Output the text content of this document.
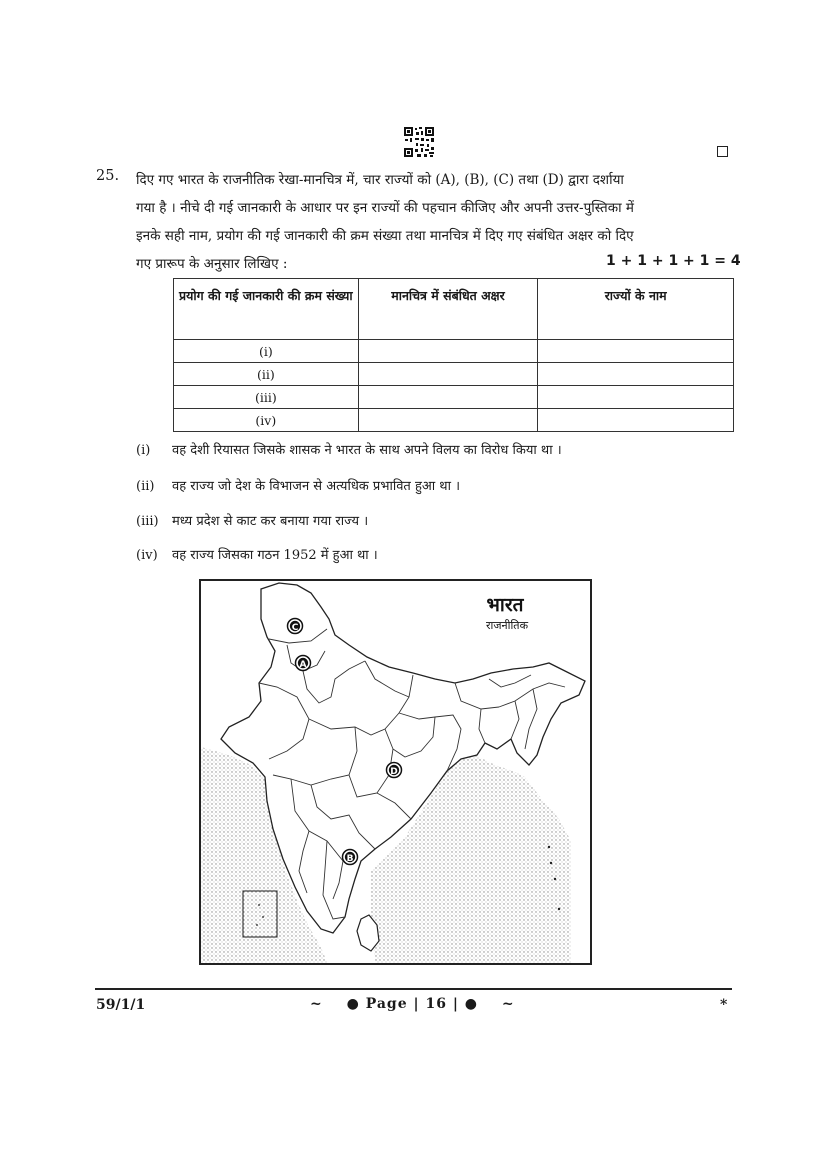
25. दिए गए भारत के राजनीतिक रेखा-मानचित्र में, चार राज्यों को (A), (B), (C) तथा (D) द्वारा दर्शाया
गया है । नीचे दी गई जानकारी के आधार पर इन राज्यों की पहचान कीजिए और अपनी उत्तर-पुस्तिका में
इनके सही नाम, प्रयोग की गई जानकारी की क्रम संख्या तथा मानचित्र में दिए गए संबंधित अक्षर को दिए
गए प्रारूप के अनुसार लिखिए :	1 + 1 + 1 + 1 = 4
प्रयोग की गई जानकारी की क्रम संख्या	मानचित्र में संबंधित अक्षर	राज्यों के नाम
(i)		
(ii)		
(iii)		
(iv)		
(i) वह देशी रियासत जिसके शासक ने भारत के साथ अपने विलय का विरोध किया था ।
(ii) वह राज्य जो देश के विभाजन से अत्यधिक प्रभावित हुआ था ।
(iii) मध्य प्रदेश से काट कर बनाया गया राज्य ।
(iv) वह राज्य जिसका गठन 1952 में हुआ था ।
भारत
राजनीतिक
C
A
D
B
59/1/1	~ ● Page | 16 | ● ~	*
